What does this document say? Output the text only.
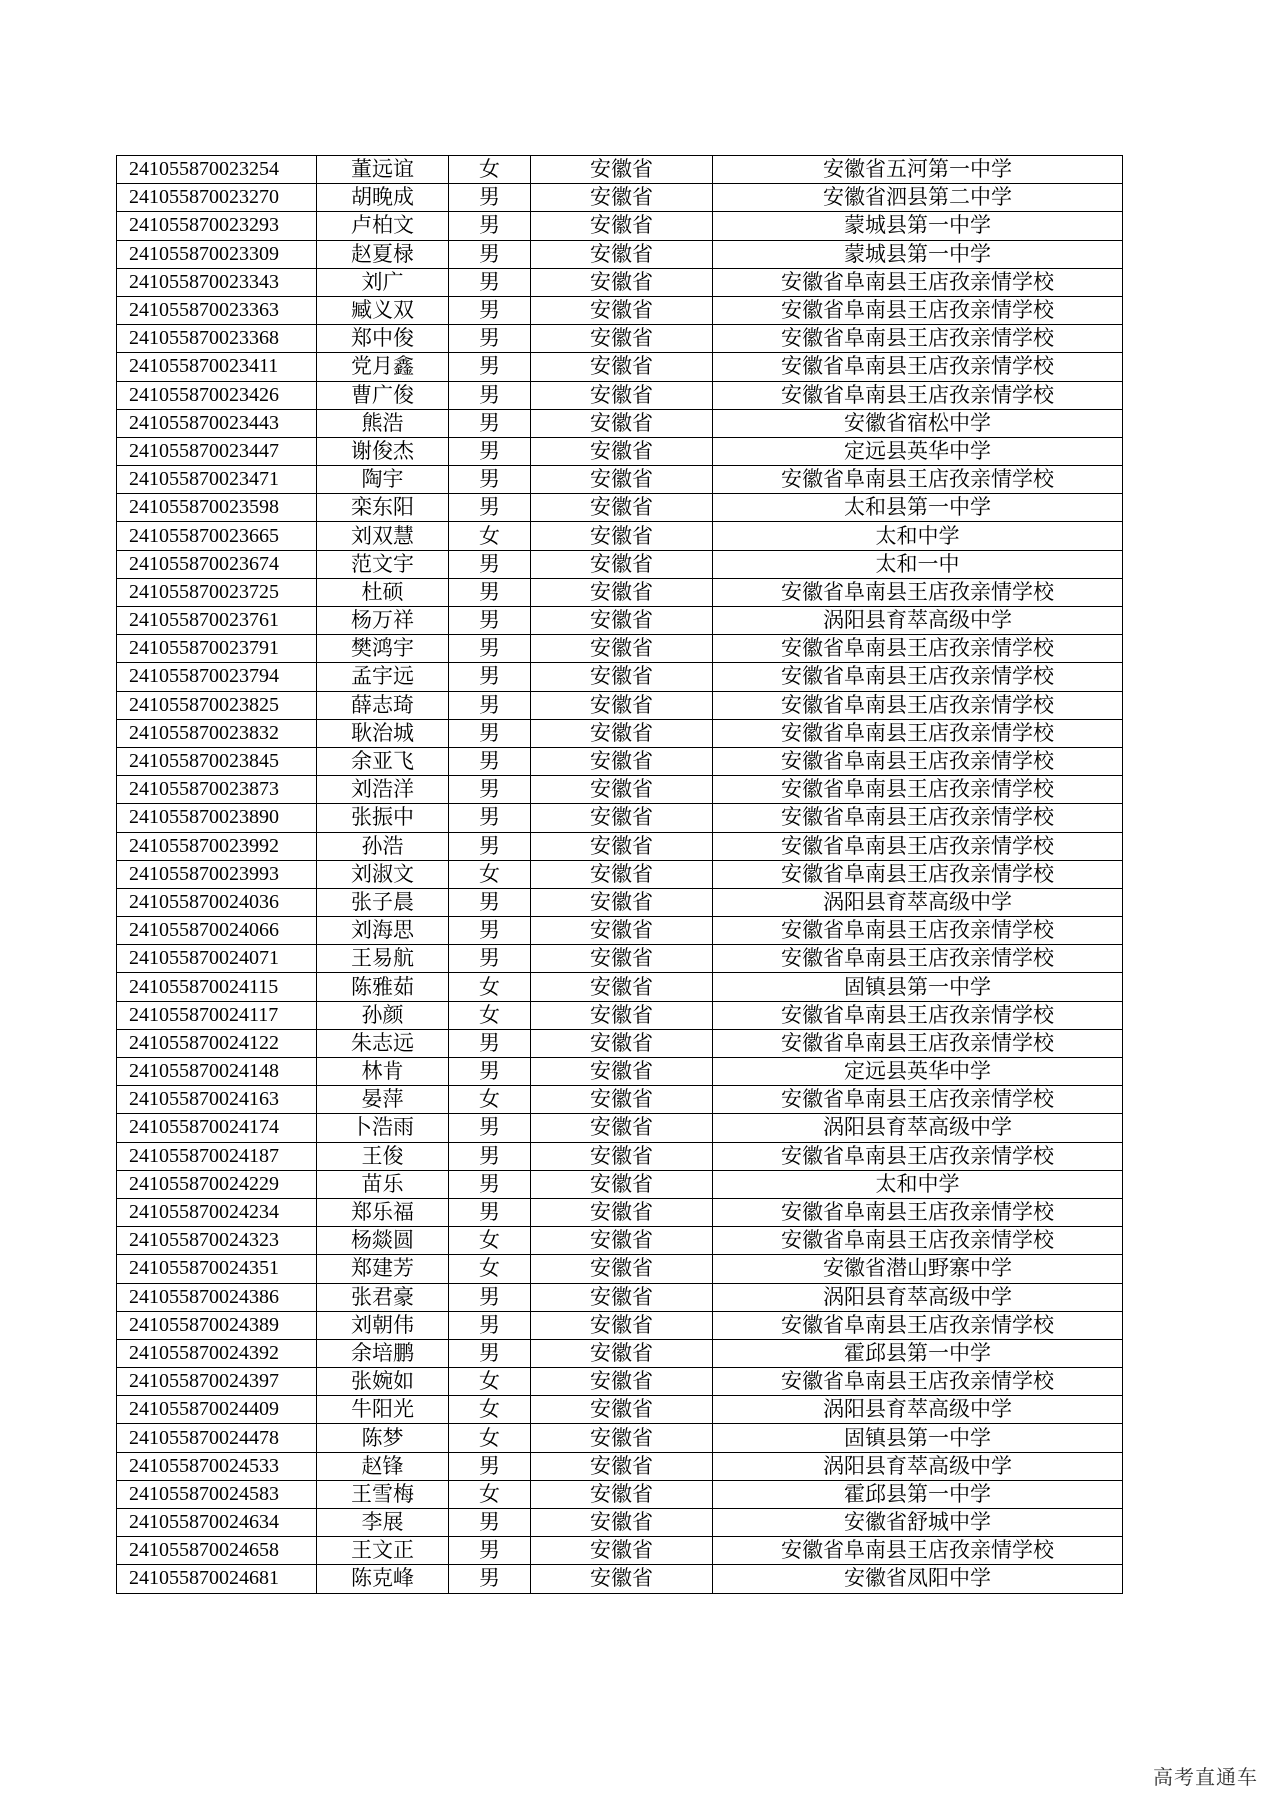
241055870023254	董远谊	女	安徽省	安徽省五河第一中学
241055870023270	胡晚成	男	安徽省	安徽省泗县第二中学
241055870023293	卢柏文	男	安徽省	蒙城县第一中学
241055870023309	赵夏椂	男	安徽省	蒙城县第一中学
241055870023343	刘广	男	安徽省	安徽省阜南县王店孜亲情学校
241055870023363	臧义双	男	安徽省	安徽省阜南县王店孜亲情学校
241055870023368	郑中俊	男	安徽省	安徽省阜南县王店孜亲情学校
241055870023411	党月鑫	男	安徽省	安徽省阜南县王店孜亲情学校
241055870023426	曹广俊	男	安徽省	安徽省阜南县王店孜亲情学校
241055870023443	熊浩	男	安徽省	安徽省宿松中学
241055870023447	谢俊杰	男	安徽省	定远县英华中学
241055870023471	陶宇	男	安徽省	安徽省阜南县王店孜亲情学校
241055870023598	栾东阳	男	安徽省	太和县第一中学
241055870023665	刘双慧	女	安徽省	太和中学
241055870023674	范文宇	男	安徽省	太和一中
241055870023725	杜硕	男	安徽省	安徽省阜南县王店孜亲情学校
241055870023761	杨万祥	男	安徽省	涡阳县育萃高级中学
241055870023791	樊鸿宇	男	安徽省	安徽省阜南县王店孜亲情学校
241055870023794	孟宇远	男	安徽省	安徽省阜南县王店孜亲情学校
241055870023825	薛志琦	男	安徽省	安徽省阜南县王店孜亲情学校
241055870023832	耿治城	男	安徽省	安徽省阜南县王店孜亲情学校
241055870023845	余亚飞	男	安徽省	安徽省阜南县王店孜亲情学校
241055870023873	刘浩洋	男	安徽省	安徽省阜南县王店孜亲情学校
241055870023890	张振中	男	安徽省	安徽省阜南县王店孜亲情学校
241055870023992	孙浩	男	安徽省	安徽省阜南县王店孜亲情学校
241055870023993	刘淑文	女	安徽省	安徽省阜南县王店孜亲情学校
241055870024036	张子晨	男	安徽省	涡阳县育萃高级中学
241055870024066	刘海思	男	安徽省	安徽省阜南县王店孜亲情学校
241055870024071	王易航	男	安徽省	安徽省阜南县王店孜亲情学校
241055870024115	陈雅茹	女	安徽省	固镇县第一中学
241055870024117	孙颜	女	安徽省	安徽省阜南县王店孜亲情学校
241055870024122	朱志远	男	安徽省	安徽省阜南县王店孜亲情学校
241055870024148	林肯	男	安徽省	定远县英华中学
241055870024163	晏萍	女	安徽省	安徽省阜南县王店孜亲情学校
241055870024174	卜浩雨	男	安徽省	涡阳县育萃高级中学
241055870024187	王俊	男	安徽省	安徽省阜南县王店孜亲情学校
241055870024229	苗乐	男	安徽省	太和中学
241055870024234	郑乐福	男	安徽省	安徽省阜南县王店孜亲情学校
241055870024323	杨燚圆	女	安徽省	安徽省阜南县王店孜亲情学校
241055870024351	郑建芳	女	安徽省	安徽省潜山野寨中学
241055870024386	张君豪	男	安徽省	涡阳县育萃高级中学
241055870024389	刘朝伟	男	安徽省	安徽省阜南县王店孜亲情学校
241055870024392	余培鹏	男	安徽省	霍邱县第一中学
241055870024397	张婉如	女	安徽省	安徽省阜南县王店孜亲情学校
241055870024409	牛阳光	女	安徽省	涡阳县育萃高级中学
241055870024478	陈梦	女	安徽省	固镇县第一中学
241055870024533	赵锋	男	安徽省	涡阳县育萃高级中学
241055870024583	王雪梅	女	安徽省	霍邱县第一中学
241055870024634	李展	男	安徽省	安徽省舒城中学
241055870024658	王文正	男	安徽省	安徽省阜南县王店孜亲情学校
241055870024681	陈克峰	男	安徽省	安徽省凤阳中学
高考直通车
